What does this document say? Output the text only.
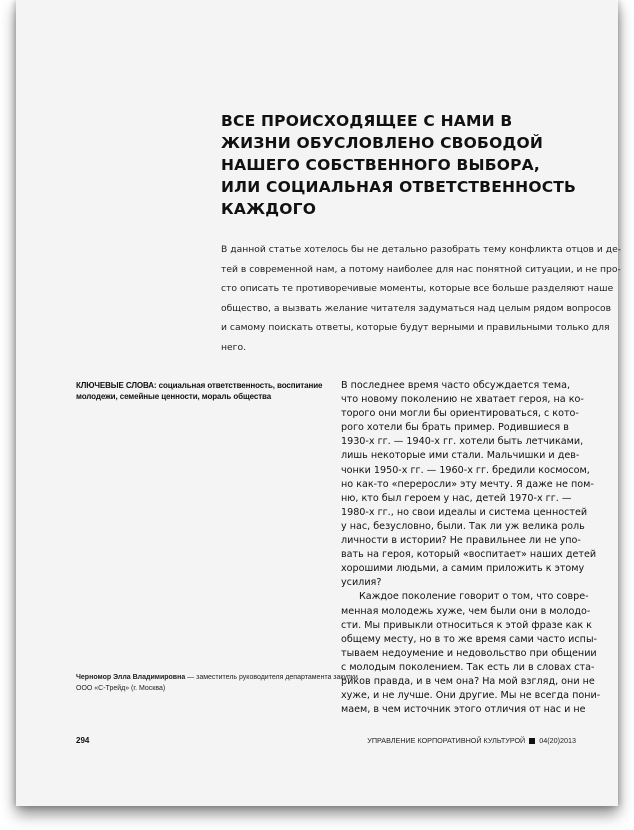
ВСЕ ПРОИСХОДЯЩЕЕ С НАМИ В ЖИЗНИ ОБУСЛОВЛЕНО СВОБОДОЙ НАШЕГО СОБСТВЕННОГО ВЫБОРА, ИЛИ СОЦИАЛЬНАЯ ОТВЕТСТВЕННОСТЬ КАЖДОГО
В данной статье хотелось бы не детально разобрать тему конфликта отцов и де-
тей в современной нам, а потому наиболее для нас понятной ситуации, и не про-
сто описать те противоречивые моменты, которые все больше разделяют наше
общество, а вызвать желание читателя задуматься над целым рядом вопросов
и самому поискать ответы, которые будут верными и правильными только для
него.
КЛЮЧЕВЫЕ СЛОВА: социальная ответственность, воспитание
молодежи, семейные ценности, мораль общества
В последнее время часто обсуждается тема,
что новому поколению не хватает героя, на ко-
торого они могли бы ориентироваться, с кото-
рого хотели бы брать пример. Родившиеся в
1930-х гг. — 1940-х гг. хотели быть летчиками,
лишь некоторые ими стали. Мальчишки и дев-
чонки 1950-х гг. — 1960-х гг. бредили космосом,
но как-то «переросли» эту мечту. Я даже не пом-
ню, кто был героем у нас, детей 1970-х гг. —
1980-х гг., но свои идеалы и система ценностей
у нас, безусловно, были. Так ли уж велика роль
личности в истории? Не правильнее ли не упо-
вать на героя, который «воспитает» наших детей
хорошими людьми, а самим приложить к этому
усилия?
Каждое поколение говорит о том, что совре-
менная молодежь хуже, чем были они в молодо-
сти. Мы привыкли относиться к этой фразе как к
общему месту, но в то же время сами часто испы-
тываем недоумение и недовольство при общении
с молодым поколением. Так есть ли в словах ста-
риков правда, и в чем она? На мой взгляд, они не
хуже, и не лучше. Они другие. Мы не всегда пони-
маем, в чем источник этого отличия от нас и не
Черномор Элла Владимировна — заместитель руководителя департамента закупки
ООО «С-Трейд» (г. Москва)
294	УПРАВЛЕНИЕ КОРПОРАТИВНОЙ КУЛЬТУРОЙ 04(20)2013
